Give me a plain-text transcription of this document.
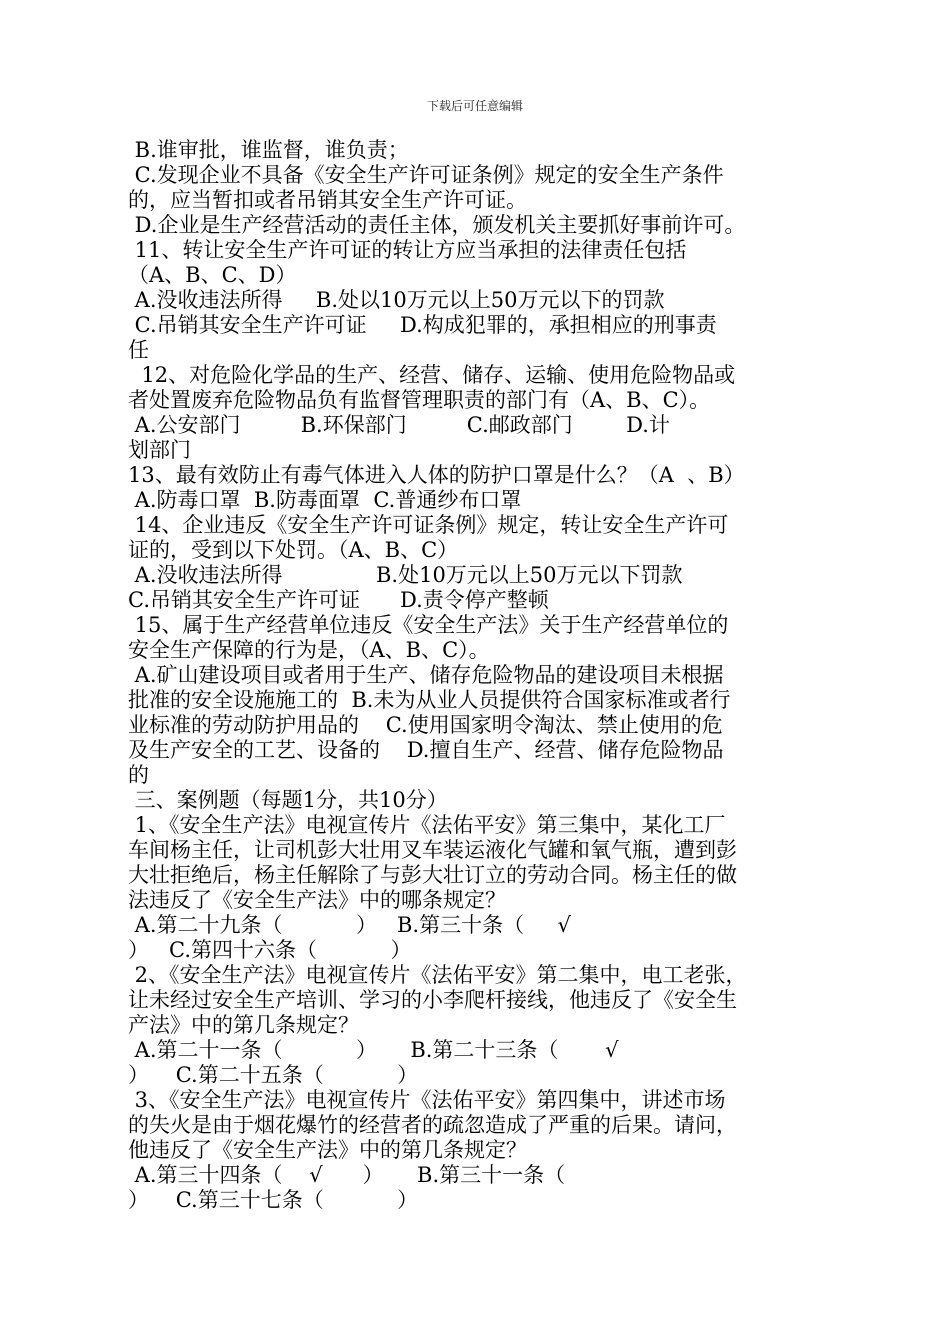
下载后可任意编辑
B.谁审批，谁监督，谁负责；
C.发现企业不具备《安全生产许可证条例》规定的安全生产条件
的，应当暂扣或者吊销其安全生产许可证。
D.企业是生产经营活动的责任主体，颁发机关主要抓好事前许可。
11、转让安全生产许可证的转让方应当承担的法律责任包括
（A、B、C、D）
A.没收违法所得     B.处以10万元以上50万元以下的罚款
C.吊销其安全生产许可证     D.构成犯罪的，承担相应的刑事责
任
12、对危险化学品的生产、经营、储存、运输、使用危险物品或
者处置废弃危险物品负有监督管理职责的部门有（A、B、C）。
A.公安部门         B.环保部门         C.邮政部门        D.计
划部门
13、最有效防止有毒气体进入人体的防护口罩是什么？（A  、B）
A.防毒口罩  B.防毒面罩  C.普通纱布口罩
14、企业违反《安全生产许可证条例》规定，转让安全生产许可
证的，受到以下处罚。（A、B、C）
A.没收违法所得              B.处10万元以上50万元以下罚款
C.吊销其安全生产许可证      D.责令停产整顿
15、属于生产经营单位违反《安全生产法》关于生产经营单位的
安全生产保障的行为是，（A、B、C）。
A.矿山建设项目或者用于生产、储存危险物品的建设项目未根据
批准的安全设施施工的  B.未为从业人员提供符合国家标准或者行
业标准的劳动防护用品的    C.使用国家明令淘汰、禁止使用的危
及生产安全的工艺、设备的    D.擅自生产、经营、储存危险物品
的
三、案例题（每题1分，共10分）
1、《安全生产法》电视宣传片《法佑平安》第三集中，某化工厂
车间杨主任，让司机彭大壮用叉车装运液化气罐和氧气瓶，遭到彭
大壮拒绝后，杨主任解除了与彭大壮订立的劳动合同。杨主任的做
法违反了《安全生产法》中的哪条规定？
A.第二十九条（           ）   B.第三十条（     √
）   C.第四十六条（           ）
2、《安全生产法》电视宣传片《法佑平安》第二集中，电工老张，
让未经过安全生产培训、学习的小李爬杆接线，他违反了《安全生
产法》中的第几条规定？
A.第二十一条（           ）     B.第二十三条（       √
）    C.第二十五条（           ）
3、《安全生产法》电视宣传片《法佑平安》第四集中，讲述市场
的失火是由于烟花爆竹的经营者的疏忽造成了严重的后果。请问，
他违反了《安全生产法》中的第几条规定？
A.第三十四条（    √      ）     B.第三十一条（
）    C.第三十七条（           ）
